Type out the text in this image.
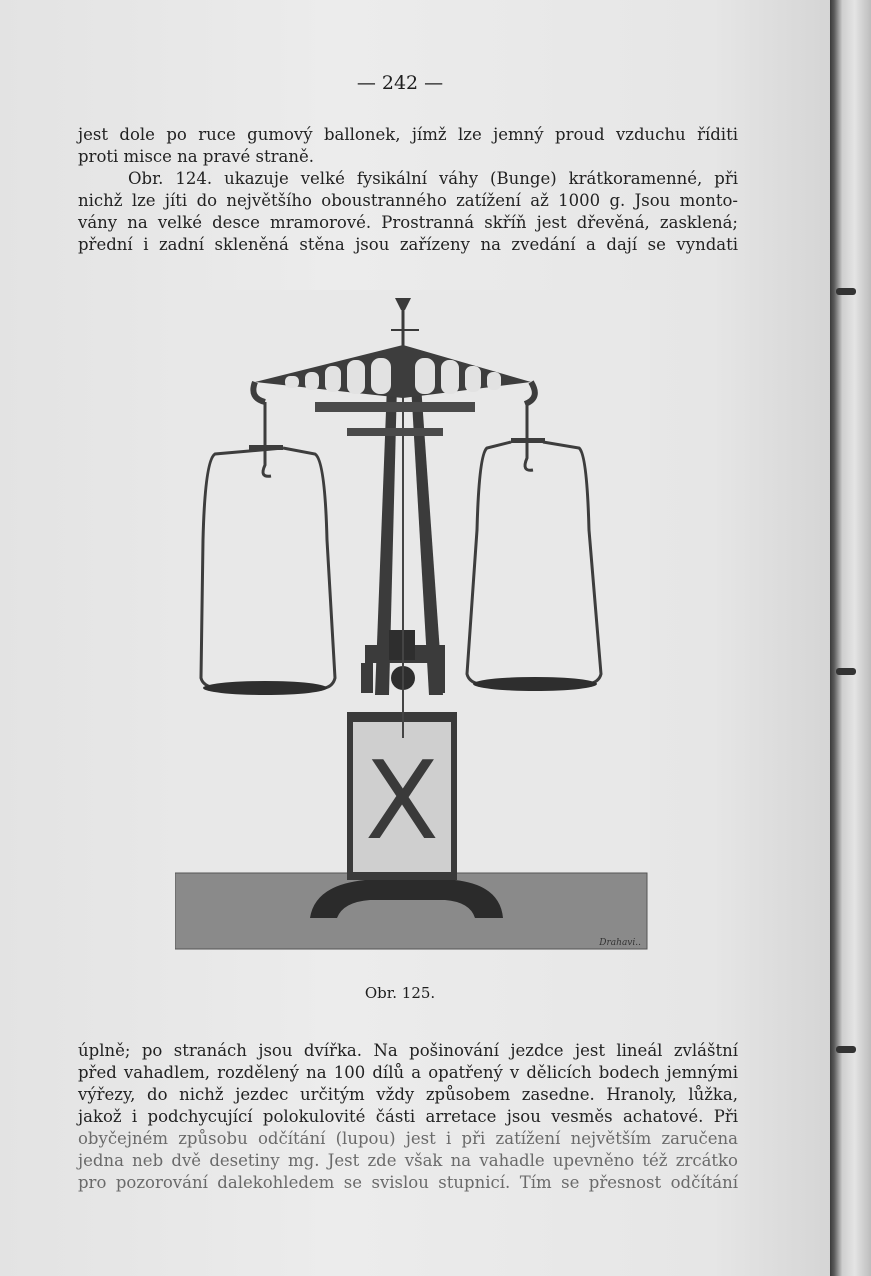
— 242 —
jest dole po ruce gumový ballonek, jímž lze jemný proud vzduchu říditi
proti misce na pravé straně.
Obr. 124. ukazuje velké fysikální váhy (Bunge) krátkoramenné, při
nichž lze jíti do největšího oboustranného zatížení až 1000 g. Jsou monto-
vány na velké desce mramorové. Prostranná skříň jest dřevěná, zasklená;
přední i zadní skleněná stěna jsou zařízeny na zvedání a dají se vyndati
X
Drahavi..
Obr. 125.
úplně; po stranách jsou dvířka. Na pošinování jezdce jest lineál zvláštní
před vahadlem, rozdělený na 100 dílů a opatřený v dělicích bodech jemnými
výřezy, do nichž jezdec určitým vždy způsobem zasedne. Hranoly, lůžka,
jakož i podchycující polokulovité části arretace jsou vesměs achatové. Při
obyčejném způsobu odčítání (lupou) jest i při zatížení největším zaručena
jedna neb dvě desetiny mg. Jest zde však na vahadle upevněno též zrcátko
pro pozorování dalekohledem se svislou stupnicí. Tím se přesnost odčítání
